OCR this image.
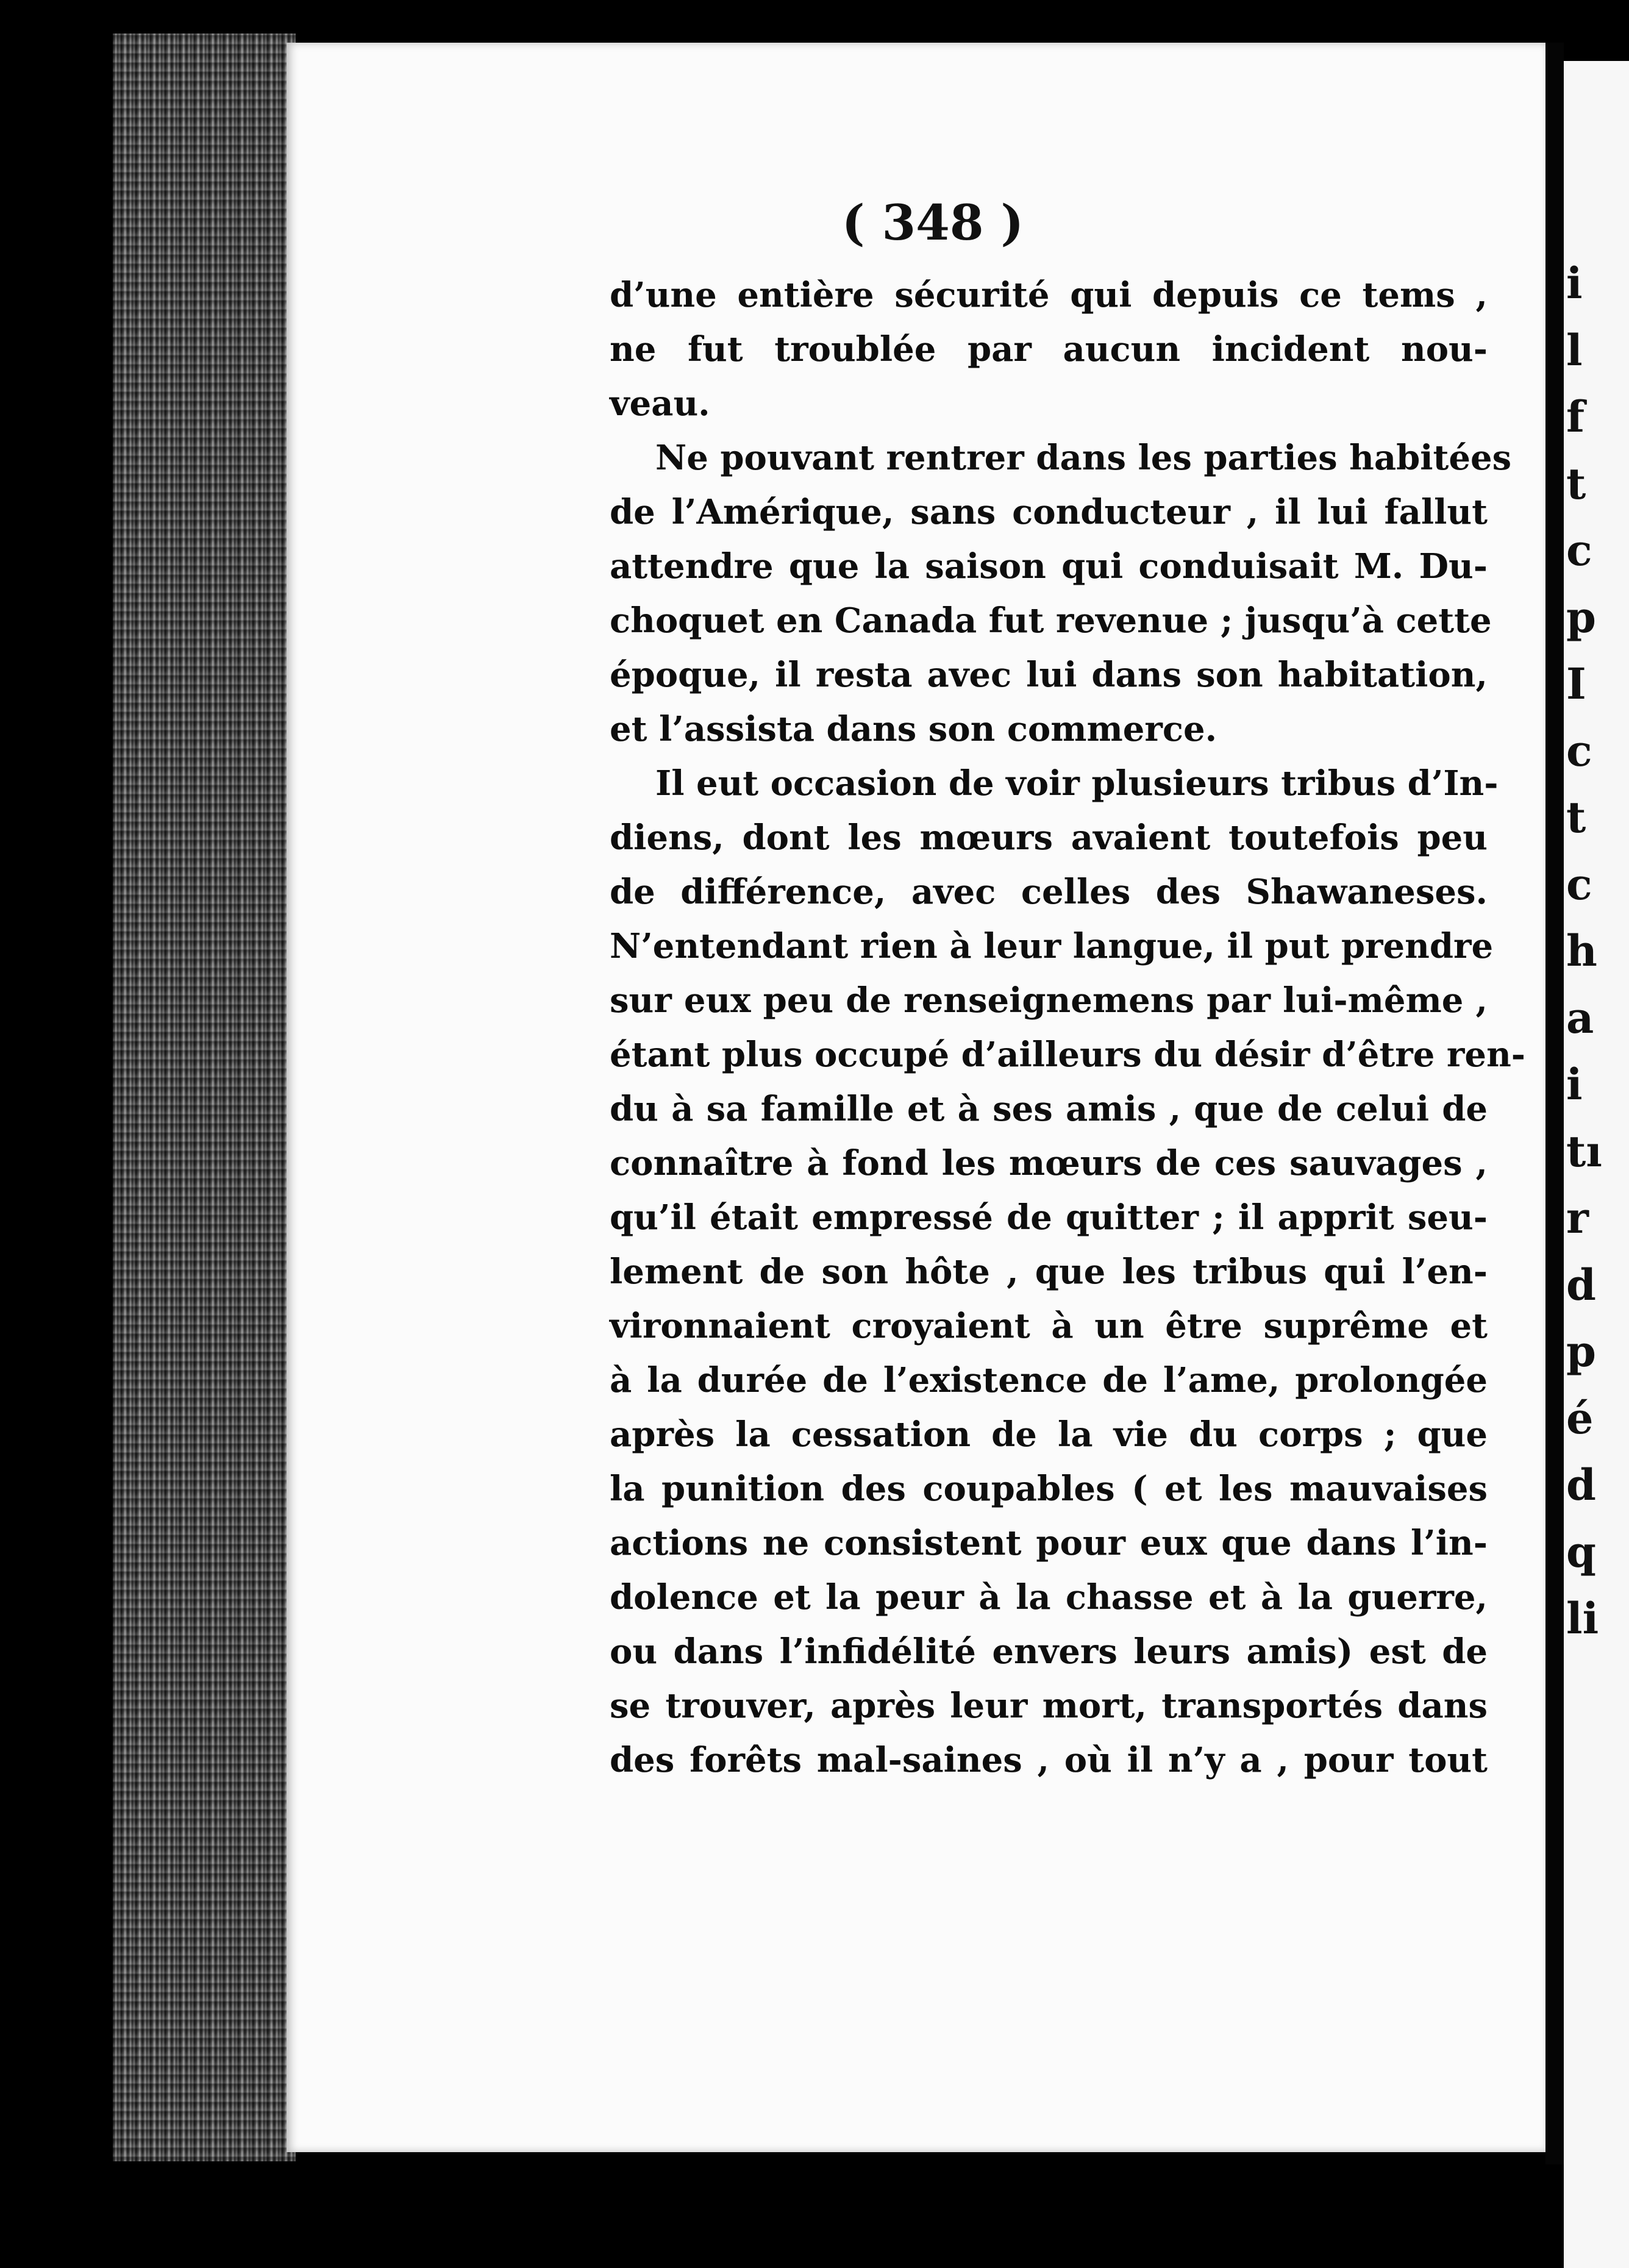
( 348 )
d’une entière sécurité qui depuis ce tems ,
ne fut troublée par aucun incident nou-
veau.
Ne pouvant rentrer dans les parties habitées
de l’Amérique, sans conducteur , il lui fallut
attendre que la saison qui conduisait M. Du-
choquet en Canada fut revenue ; jusqu’à cette
époque, il resta avec lui dans son habitation,
et l’assista dans son commerce.
Il eut occasion de voir plusieurs tribus d’In-
diens, dont les mœurs avaient toutefois peu
de différence, avec celles des Shawaneses.
N’entendant rien à leur langue, il put prendre
sur eux peu de renseignemens par lui-même ,
étant plus occupé d’ailleurs du désir d’être ren-
du à sa famille et à ses amis , que de celui de
connaître à fond les mœurs de ces sauvages ,
qu’il était empressé de quitter ; il apprit seu-
lement de son hôte , que les tribus qui l’en-
vironnaient croyaient à un être suprême et
à la durée de l’existence de l’ame, prolongée
après la cessation de la vie du corps ; que
la punition des coupables ( et les mauvaises
actions ne consistent pour eux que dans l’in-
dolence et la peur à la chasse et à la guerre,
ou dans l’infidélité envers leurs amis) est de
se trouver, après leur mort, transportés dans
des forêts mal-saines , où il n’y a , pour tout
i
l
f
t
c
p
I
c
t
c
h
a
i
tı
r
d
p
é
d
q
li
